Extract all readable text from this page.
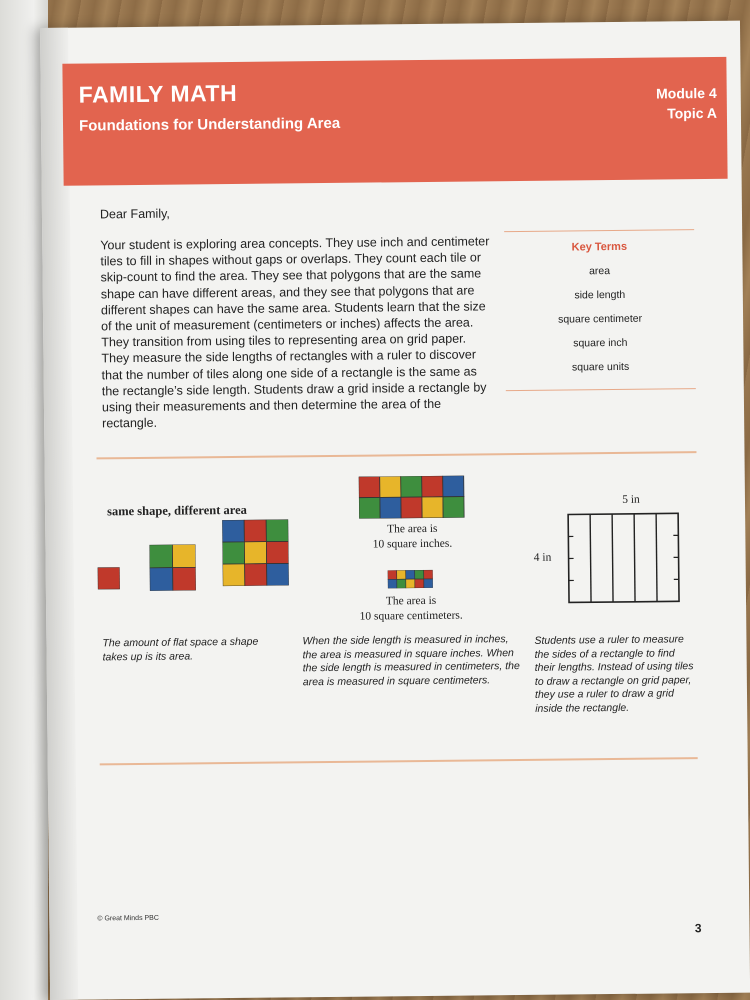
FAMILY MATH
Foundations for Understanding Area
Module 4
Topic A
Dear Family,
Your student is exploring area concepts. They use inch and centimeter tiles to fill in shapes without gaps or overlaps. They count each tile or skip-count to find the area. They see that polygons that are the same shape can have different areas, and they see that polygons that are different shapes can have the same area. Students learn that the size of the unit of measurement (centimeters or inches) affects the area. They transition from using tiles to representing area on grid paper. They measure the side lengths of rectangles with a ruler to discover that the number of tiles along one side of a rectangle is the same as the rectangle’s side length. Students draw a grid inside a rectangle by using their measurements and then determine the area of the rectangle.
Key Terms
area
side length
square centimeter
square inch
square units
same shape, different area
The area is
10 square inches.
The area is
10 square centimeters.
5 in
4 in
The amount of flat space a shape takes up is its area.
When the side length is measured in inches, the area is measured in square inches. When the side length is measured in centimeters, the area is measured in square centimeters.
Students use a ruler to measure the sides of a rectangle to find their lengths. Instead of using tiles to draw a rectangle on grid paper, they use a ruler to draw a grid inside the rectangle.
© Great Minds PBC
3
